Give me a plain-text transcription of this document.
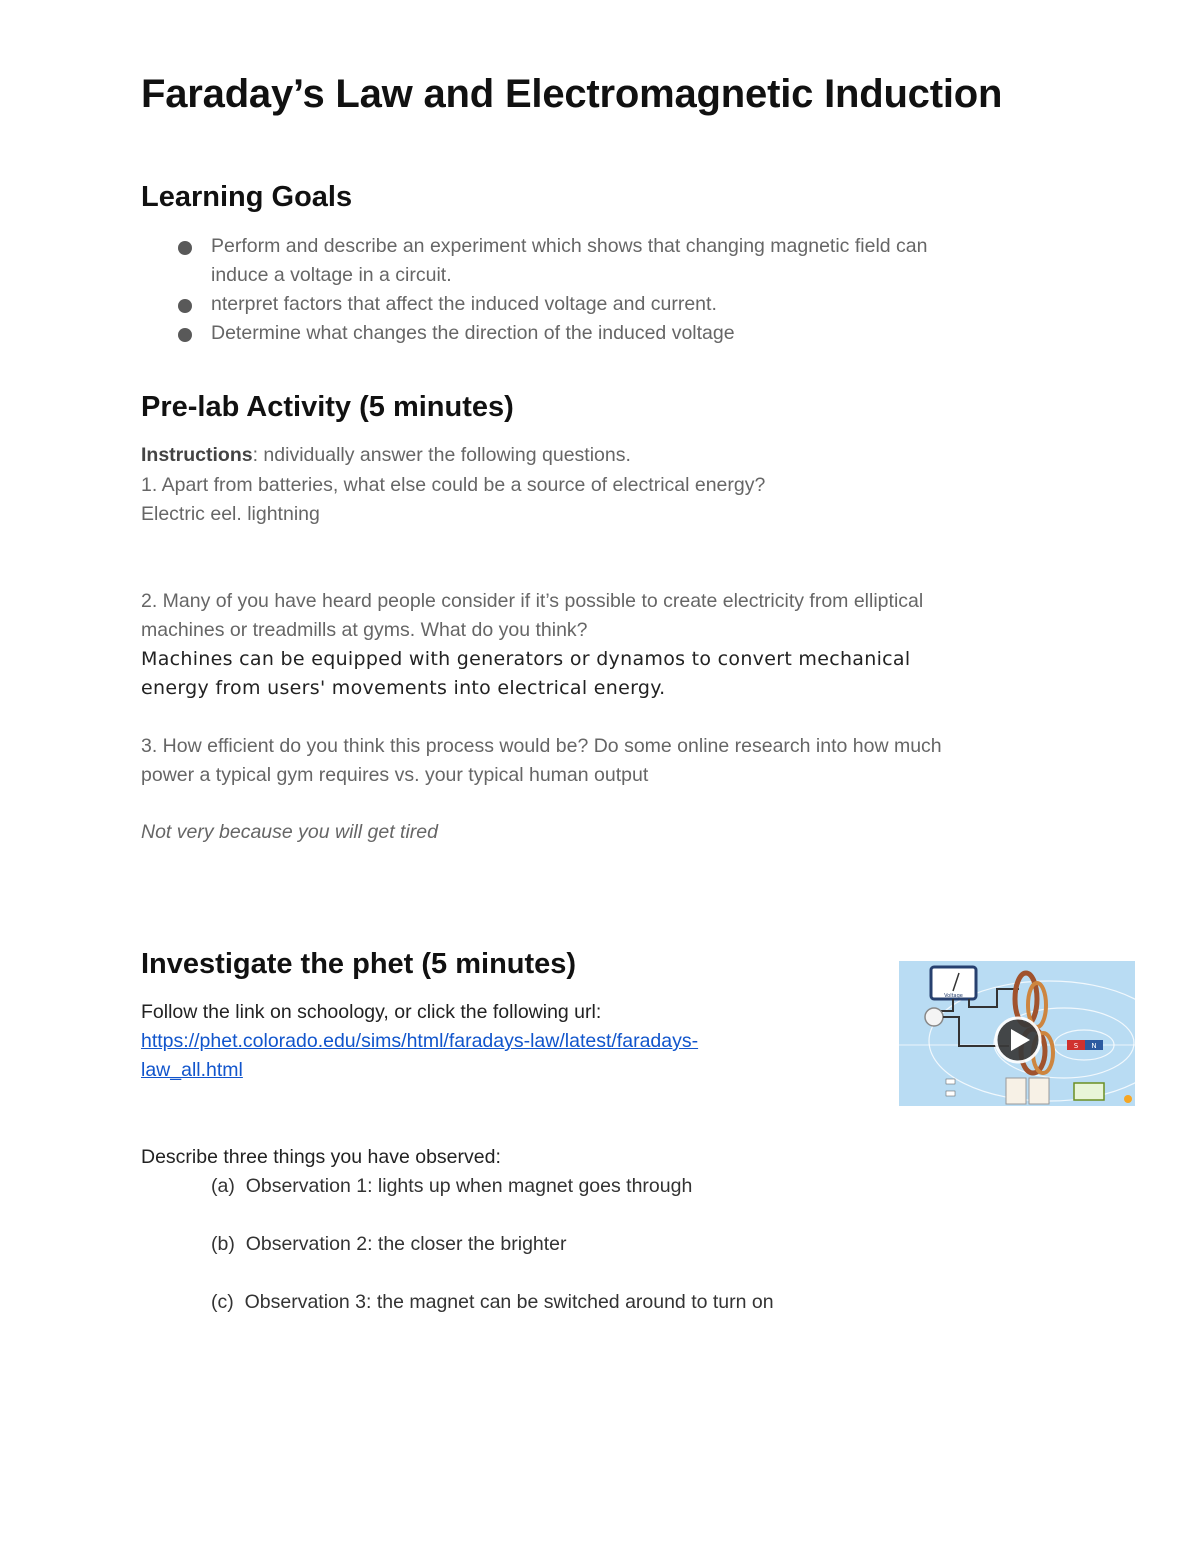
Faraday’s Law and Electromagnetic Induction
Learning Goals
Perform and describe an experiment which shows that changing magnetic field can
induce a voltage in a circuit.
nterpret factors that affect the induced voltage and current.
Determine what changes the direction of the induced voltage
Pre-lab Activity (5 minutes)

Instructions: ndividually answer the following questions.

1. Apart from batteries, what else could be a source of electrical energy?

Electric eel. lightning

2. Many of you have heard people consider if it’s possible to create electricity from elliptical

machines or treadmills at gyms. What do you think?

Machines can be equipped with generators or dynamos to convert mechanical

energy from users' movements into electrical energy.

3. How efficient do you think this process would be? Do some online research into how much

power a typical gym requires vs. your typical human output

Not very because you will get tired

Investigate the phet (5 minutes)

Follow the link on schoology, or click the following url:

https://phet.colorado.edu/sims/html/faradays-law/latest/faradays-

law_all.html

Voltage
S N

Describe three things you have observed:

(a) Observation 1: lights up when magnet goes through
(b) Observation 2: the closer the brighter
(c) Observation 3: the magnet can be switched around to turn on
